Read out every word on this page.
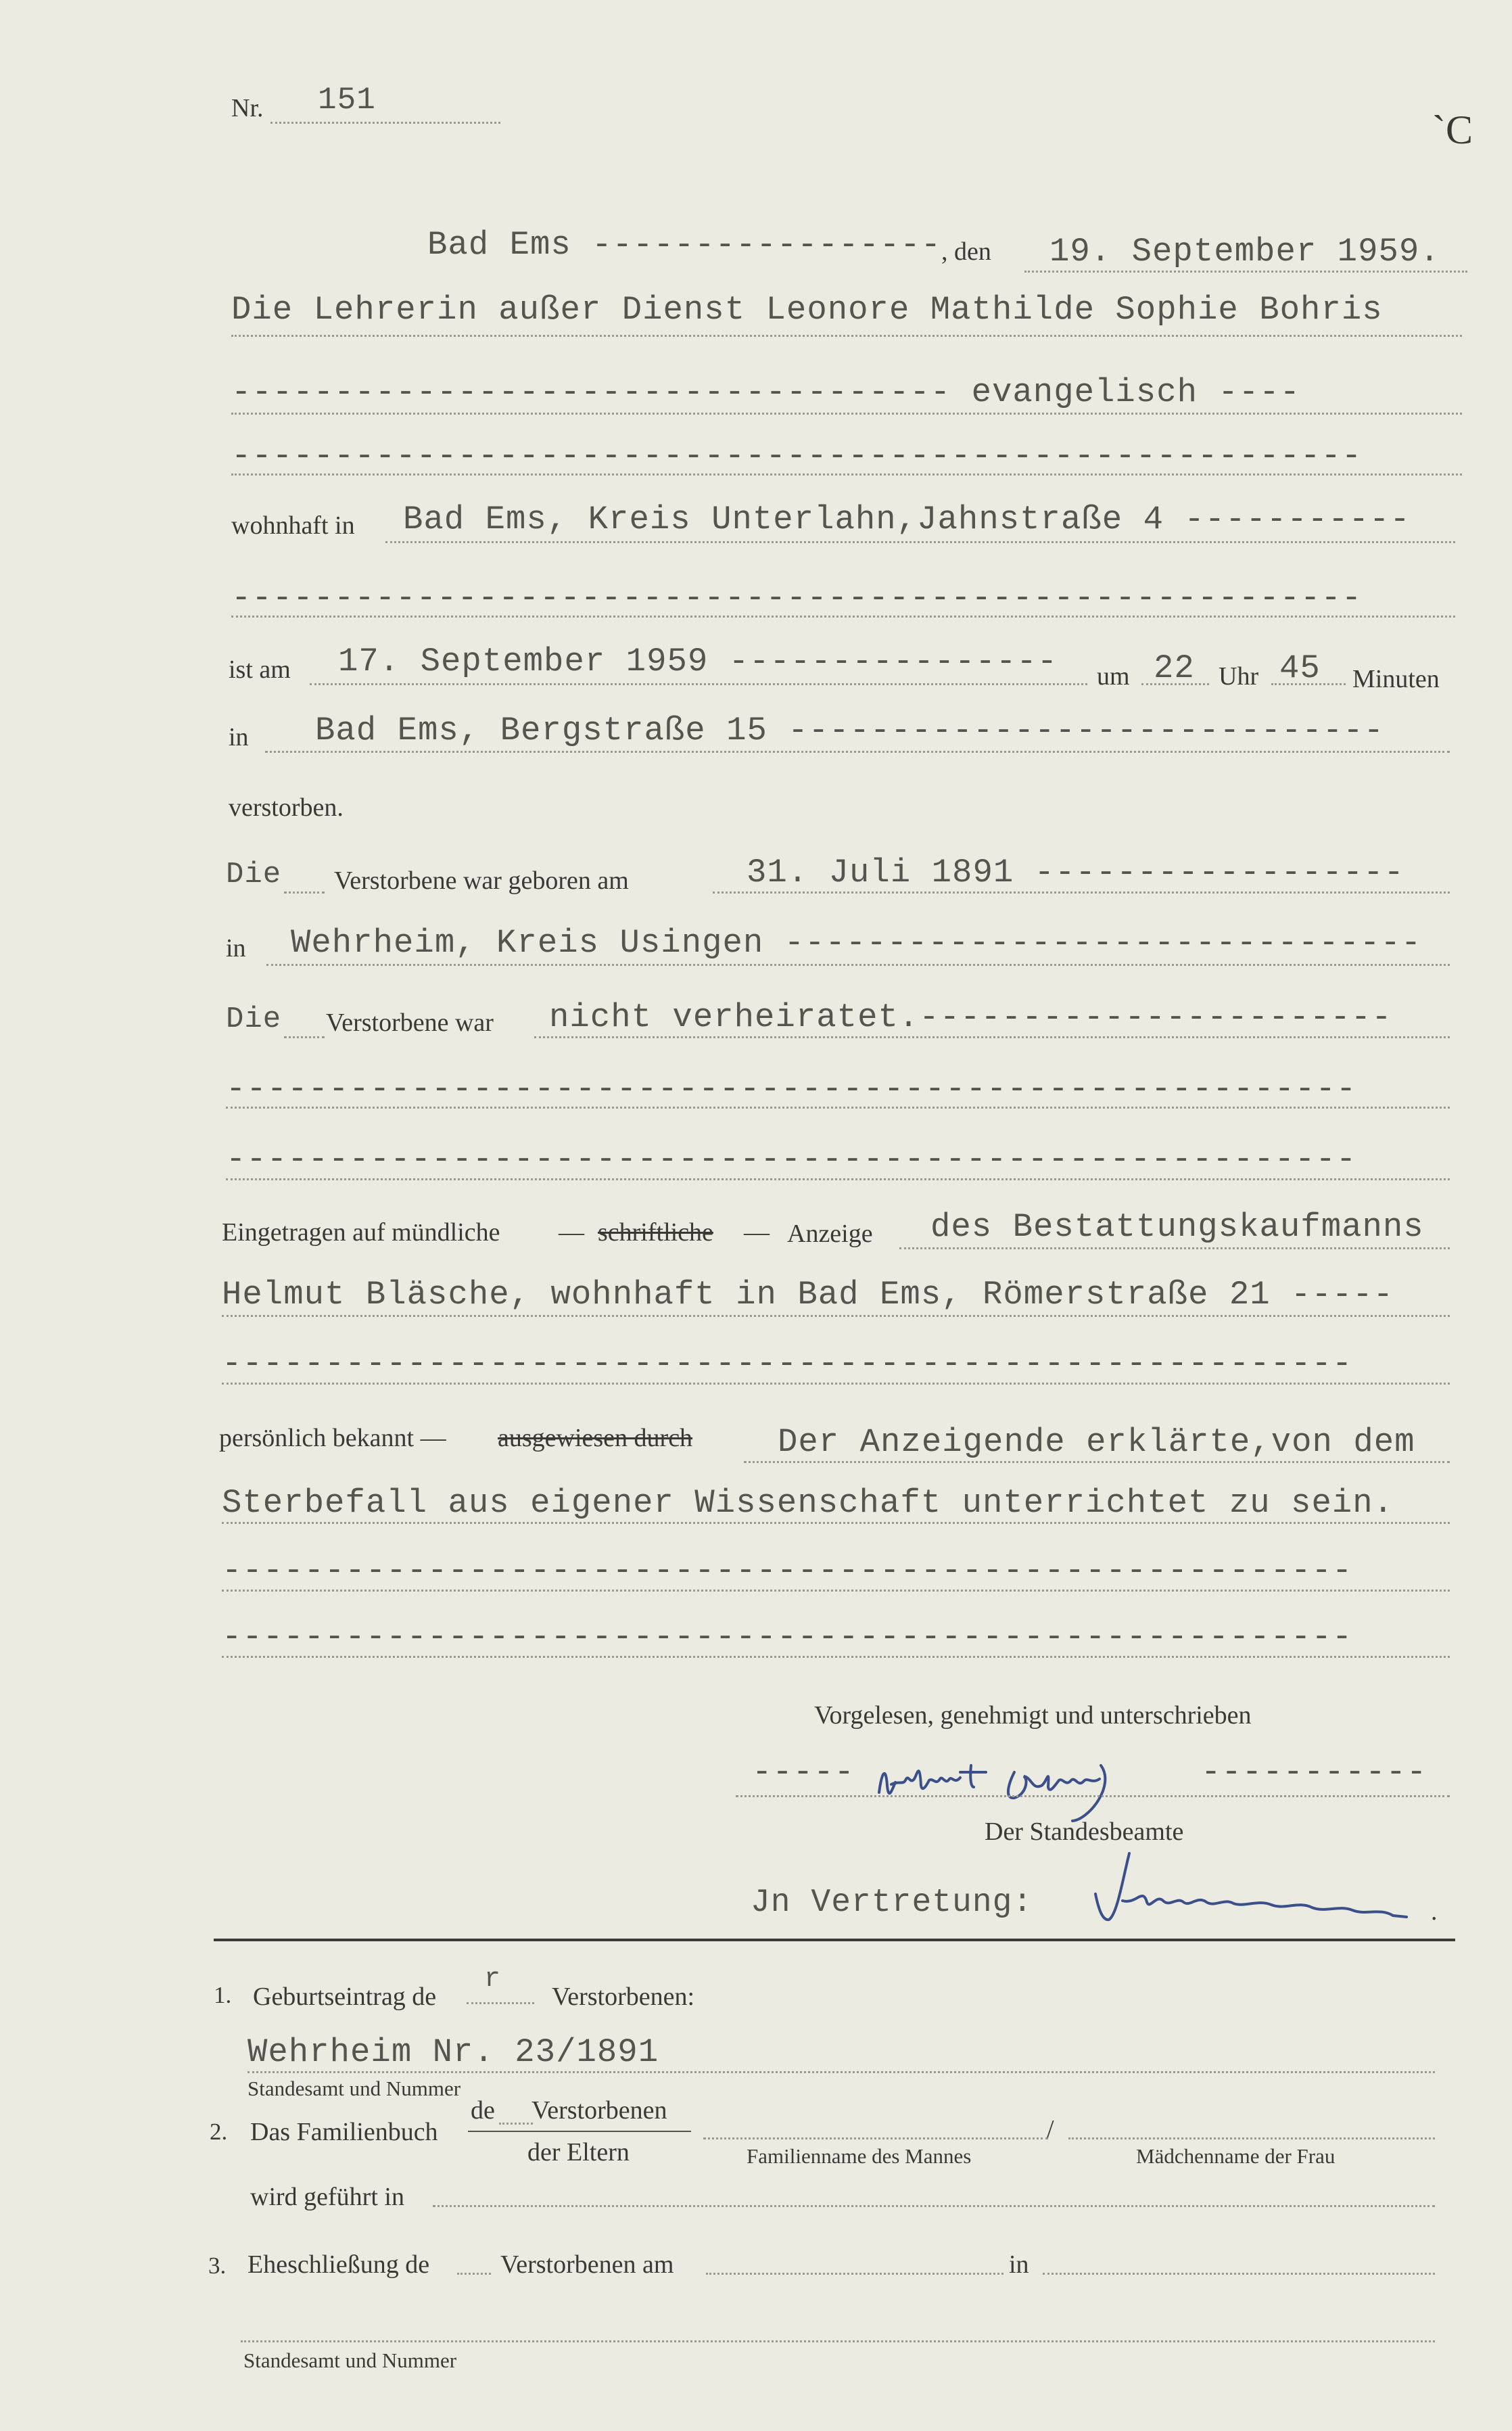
Nr. 151
`C
Bad Ems ----------------- , den 19. September 1959.
Die Lehrerin außer Dienst Leonore Mathilde Sophie Bohris
----------------------------------- evangelisch ----
-------------------------------------------------------
wohnhaft in Bad Ems, Kreis Unterlahn,Jahnstraße 4 -----------
-------------------------------------------------------
ist am 17. September 1959 ---------------- um 22 Uhr 45 Minuten
in Bad Ems, Bergstraße 15 -----------------------------
verstorben.
Die Verstorbene war geboren am	31. Juli 1891 ------------------
in Wehrheim, Kreis Usingen -------------------------------
Die Verstorbene war nicht verheiratet.-----------------------
-------------------------------------------------------
-------------------------------------------------------
Eingetragen auf mündliche — schriftliche — Anzeige des Bestattungskaufmanns
Helmut Bläsche, wohnhaft in Bad Ems, Römerstraße 21 -----
-------------------------------------------------------
persönlich bekannt — ausgewiesen durch	Der Anzeigende erklärte,von dem
Sterbefall aus eigener Wissenschaft unterrichtet zu sein.
-------------------------------------------------------
-------------------------------------------------------
Vorgelesen, genehmigt und unterschrieben
-----	-----------
Der Standesbeamte
Jn Vertretung:	.
1. Geburtseintrag de
r
Verstorbenen:
Wehrheim Nr. 23/1891
Standesamt und Nummer
2. Das Familienbuch
de Verstorbenen
der Eltern
/
Familienname des Mannes	Mädchenname der Frau
wird geführt in
3. Eheschließung de	Verstorbenen am	in
Standesamt und Nummer
